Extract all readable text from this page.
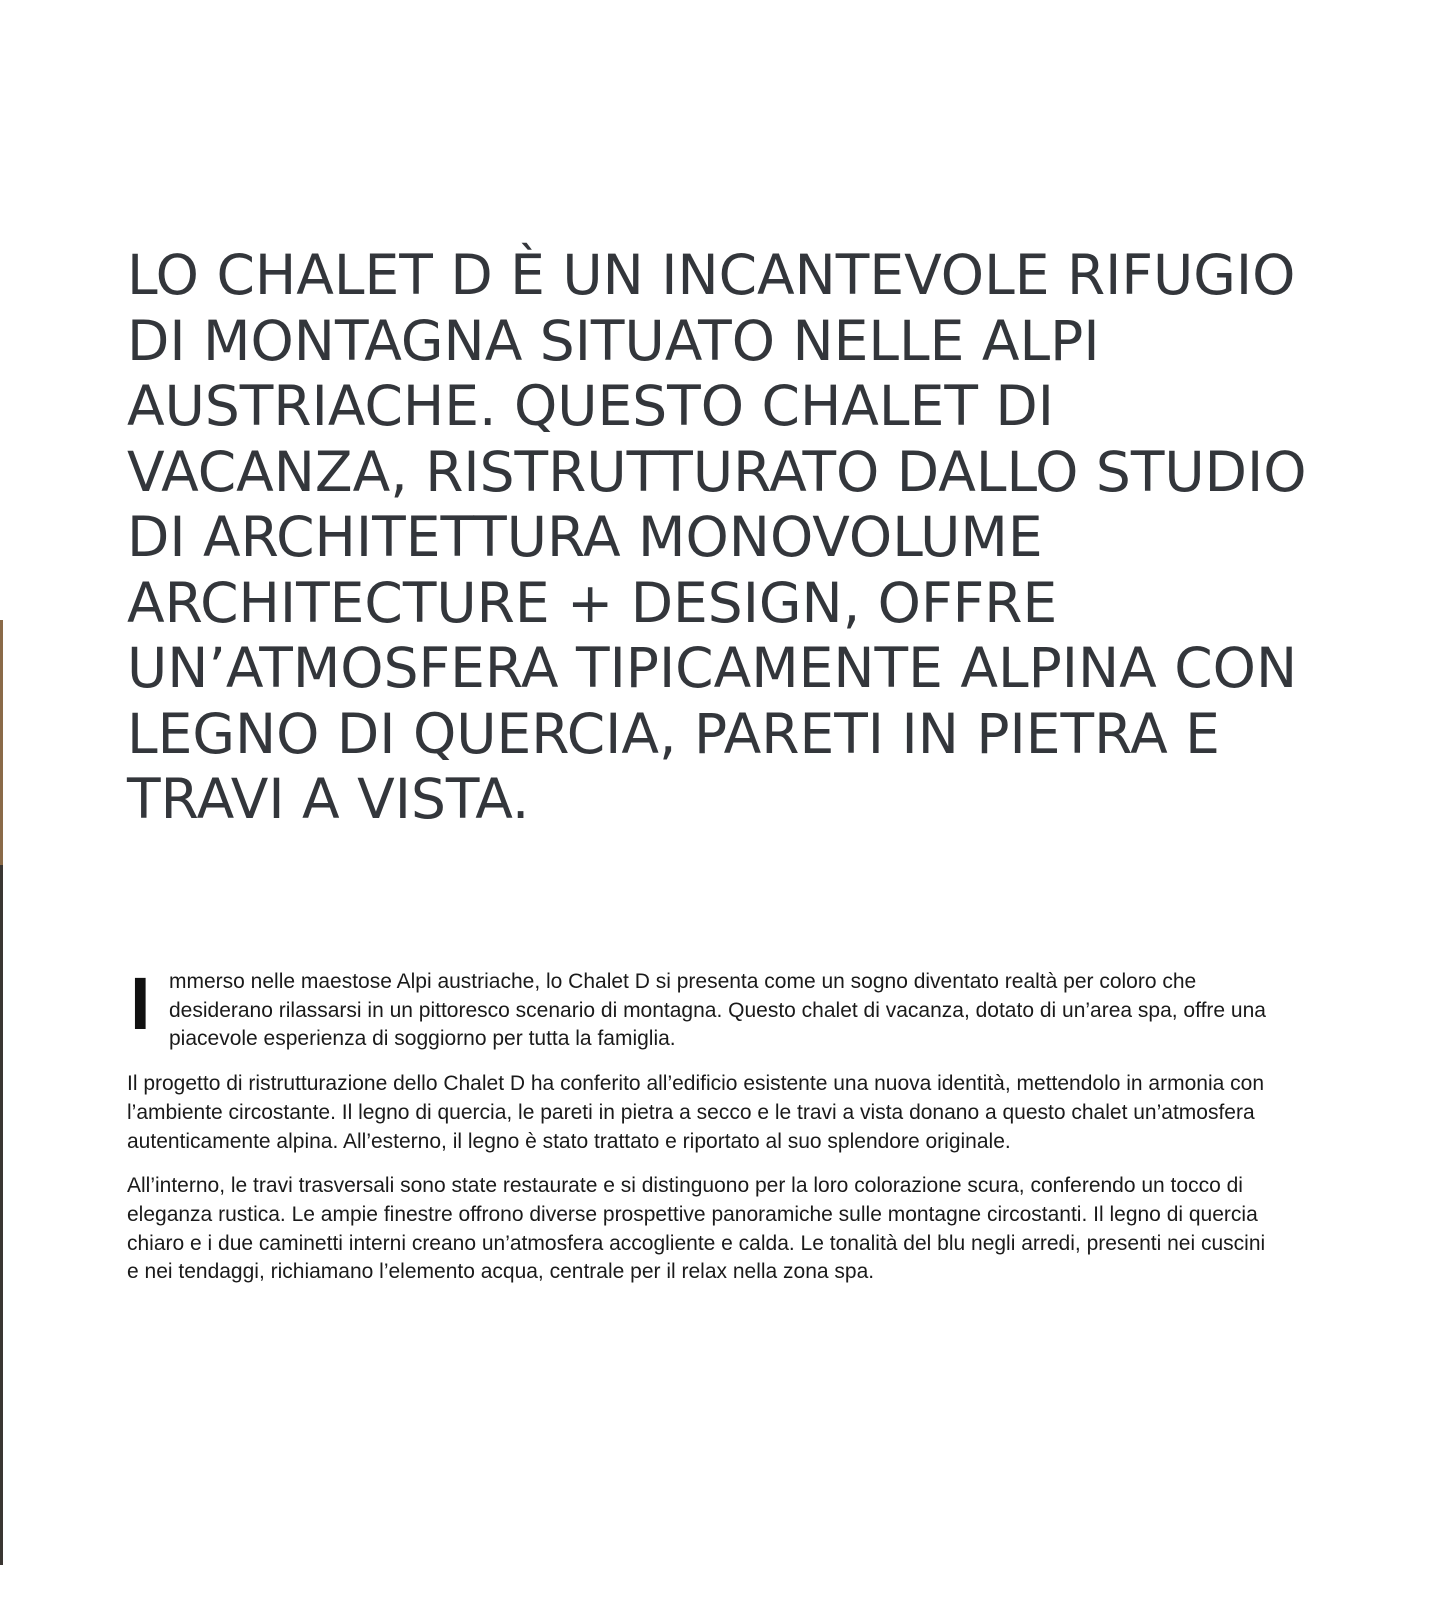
LO CHALET D È UN INCANTEVOLE RIFUGIO DI MONTAGNA SITUATO NELLE ALPI AUSTRIACHE. QUESTO CHALET DI VACANZA, RISTRUTTURATO DALLO STUDIO DI ARCHITETTURA MONOVOLUME ARCHITECTURE + DESIGN, OFFRE UN’ATMOSFERA TIPICAMENTE ALPINA CON LEGNO DI QUERCIA, PARETI IN PIETRA E TRAVI A VISTA.

I mmerso nelle maestose Alpi austriache, lo Chalet D si presenta come un sogno diventato realtà per coloro che desiderano rilassarsi in un pittoresco scenario di montagna. Questo chalet di vacanza, dotato di un’area spa, offre una piacevole esperienza di soggiorno per tutta la famiglia.

Il progetto di ristrutturazione dello Chalet D ha conferito all’edificio esistente una nuova identità, mettendolo in armonia con l’ambiente circostante. Il legno di quercia, le pareti in pietra a secco e le travi a vista donano a questo chalet un’atmosfera autenticamente alpina. All’esterno, il legno è stato trattato e riportato al suo splendore originale.

All’interno, le travi trasversali sono state restaurate e si distinguono per la loro colorazione scura, conferendo un tocco di eleganza rustica. Le ampie finestre offrono diverse prospettive panoramiche sulle montagne circostanti. Il legno di quercia chiaro e i due caminetti interni creano un’atmosfera accogliente e calda. Le tonalità del blu negli arredi, presenti nei cuscini e nei tendaggi, richiamano l’elemento acqua, centrale per il relax nella zona spa.
